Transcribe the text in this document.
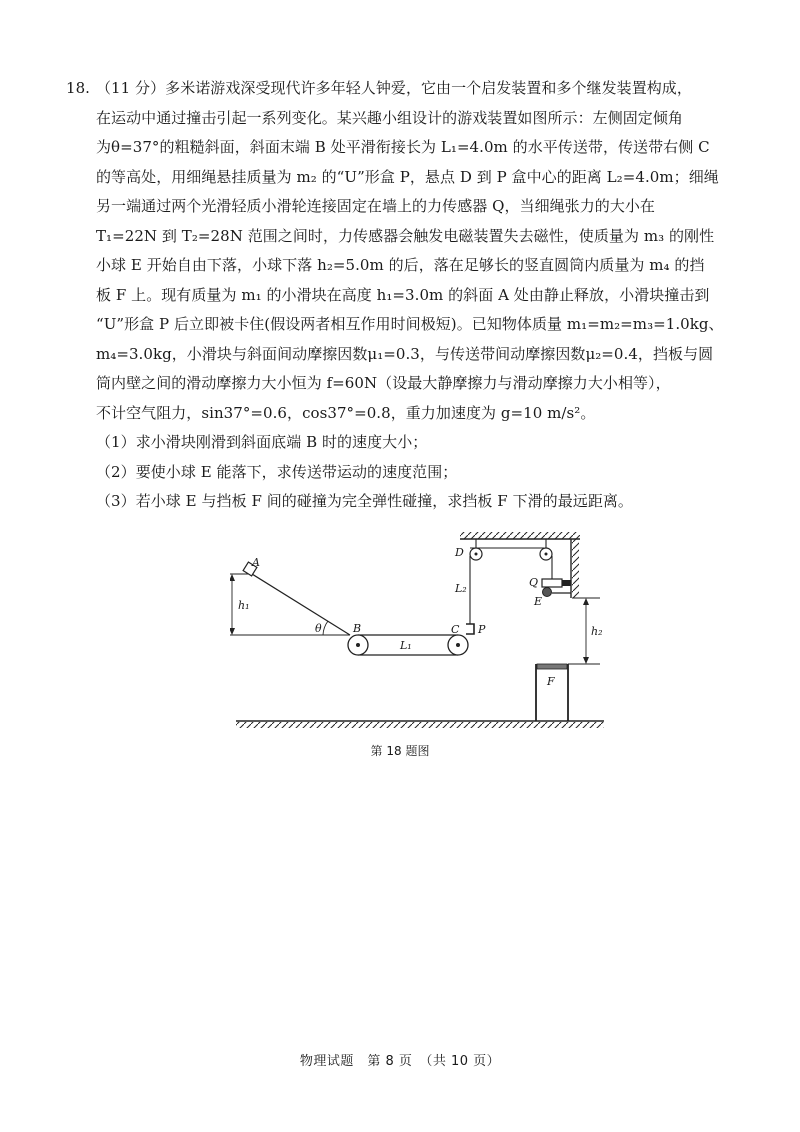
18. （11 分）多米诺游戏深受现代许多年轻人钟爱，它由一个启发装置和多个继发装置构成，
在运动中通过撞击引起一系列变化。某兴趣小组设计的游戏装置如图所示：左侧固定倾角
为θ=37°的粗糙斜面，斜面末端 B 处平滑衔接长为 L₁=4.0m 的水平传送带，传送带右侧 C
的等高处，用细绳悬挂质量为 m₂ 的“U”形盒 P，悬点 D 到 P 盒中心的距离 L₂=4.0m；细绳
另一端通过两个光滑轻质小滑轮连接固定在墙上的力传感器 Q，当细绳张力的大小在
T₁=22N 到 T₂=28N 范围之间时，力传感器会触发电磁装置失去磁性，使质量为 m₃ 的刚性
小球 E 开始自由下落，小球下落 h₂=5.0m 的后，落在足够长的竖直圆筒内质量为 m₄ 的挡
板 F 上。现有质量为 m₁ 的小滑块在高度 h₁=3.0m 的斜面 A 处由静止释放，小滑块撞击到
“U”形盒 P 后立即被卡住(假设两者相互作用时间极短)。已知物体质量 m₁=m₂=m₃=1.0kg、
m₄=3.0kg，小滑块与斜面间动摩擦因数μ₁=0.3，与传送带间动摩擦因数μ₂=0.4，挡板与圆
筒内壁之间的滑动摩擦力大小恒为 f=60N（设最大静摩擦力与滑动摩擦力大小相等），
不计空气阻力，sin37°=0.6，cos37°=0.8，重力加速度为 g=10 m/s²。
（1）求小滑块刚滑到斜面底端 B 时的速度大小；
（2）要使小球 E 能落下，求传送带运动的速度范围；
（3）若小球 E 与挡板 F 间的碰撞为完全弹性碰撞，求挡板 F 下滑的最远距离。
A
h₁
θ	B
L₁
C P
D
L₂	Q
E
h₂
F
第 18 题图
物理试题　第 8 页　（共 10 页）
